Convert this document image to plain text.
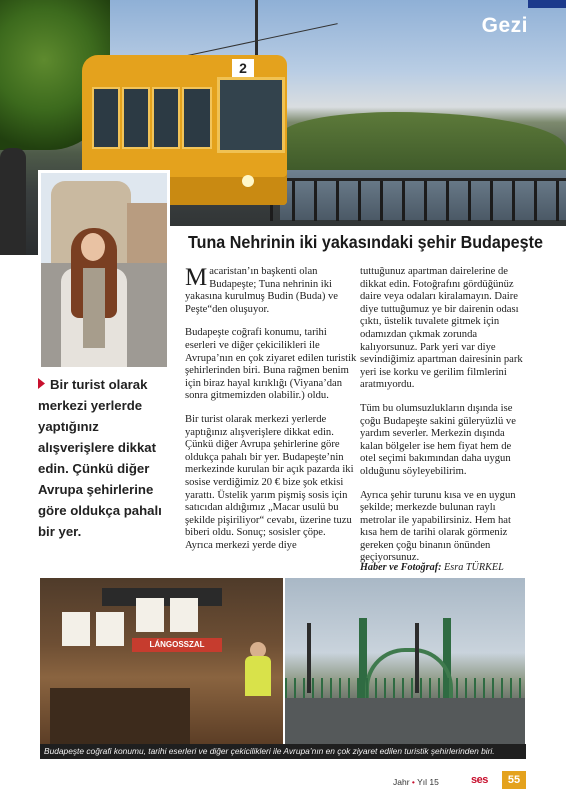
2
Gezi
Tuna Nehrinin iki yakasındaki şehir Budapeşte
Bir turist olarak merkezi yerlerde yaptığınız alışverişlere dikkat edin. Çünkü diğer Avrupa şehirlerine göre oldukça pahalı bir yer.

Macaristan’ın başkenti olan Budapeşte; Tuna nehrinin iki yakasına kurulmuş Budin (Buda) ve Peşte“den oluşuyor.

Budapeşte coğrafi konumu, tarihi eserleri ve diğer çekicilikleri ile Avrupa’nın en çok ziyaret edilen turistik şehirlerinden biri. Buna rağmen benim için biraz hayal kırıklığı (Viyana’dan sonra gitmemizden olabilir.) oldu.

Bir turist olarak merkezi yerlerde yaptığınız alışverişlere dikkat edin. Çünkü diğer Avrupa şehirlerine göre oldukça pahalı bir yer. Budapeşte’nin merkezinde kurulan bir açık pazarda iki sosise verdiğimiz 20 € bize şok etkisi yarattı. Üstelik yarım pişmiş sosis için satıcıdan aldığımız „Macar usulü bu şekilde pişiriliyor“ cevabı, üzerine tuzu biberi oldu. Sonuç; sosisler çöpe.

Ayrıca merkezi yerde diye

tuttuğunuz apartman dairelerine de dikkat edin. Fotoğrafını gördüğünüz daire veya odaları kiralamayın. Daire diye tuttuğumuz ye bir dairenin odası çıktı, üstelik tuvalete gitmek için odamızdan çıkmak zorunda kalıyorsunuz. Park yeri var diye sevindiğimiz apartman dairesinin park yeri ise korku ve gerilim filmlerini aratmıyordu.

Tüm bu olumsuzlukların dışında ise çoğu Budapeşte sakini güleryüzlü ve yardım severler. Merkezin dışında kalan bölgeler ise hem fiyat hem de otel seçimi bakımından daha uygun olduğunu söyleyebilirim.

Ayrıca şehir turunu kısa ve en uygun şekilde; merkezde bulunan raylı metrolar ile yapabilirsiniz. Hem hat kısa hem de tarihi olarak görmeniz gereken çoğu binanın önünden geçiyorsunuz.

Haber ve Fotoğraf: Esra TÜRKEL
LÁNGOSSZAL
Budapeşte coğrafi konumu, tarihi eserleri ve diğer çekicilikleri ile Avrupa’nın en çok ziyaret edilen turistik şehirlerinden biri.
Jahr • Yıl 15	ses	55
